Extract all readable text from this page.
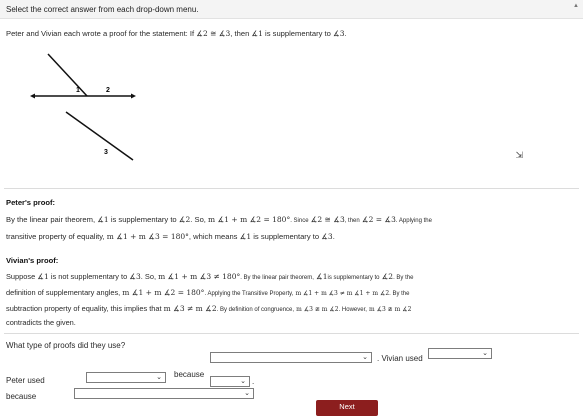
Select the correct answer from each drop-down menu.	▲
Peter and Vivian each wrote a proof for the statement: If ∡2 ≅ ∡3, then ∡1 is supplementary to ∡3.
1	2
3	⇲
Peter's proof:
By the linear pair theorem, ∡1 is supplementary to ∡2. So, m ∡1 + m ∡2 = 180°. Since ∡2 ≅ ∡3, then ∡2 = ∡3. Applying the
transitive property of equality, m ∡1 + m ∡3 = 180°, which means ∡1 is supplementary to ∡3.
Vivian's proof:
Suppose ∡1 is not supplementary to ∡3. So, m ∡1 + m ∡3 ≠ 180°. By the linear pair theorem, ∡1is supplementary to ∡2. By the
definition of supplementary angles, m ∡1 + m ∡2 = 180°. Applying the Transitive Property, m ∡1 + m ∡3 ≠ m ∡1 + m ∡2. By the
subtraction property of equality, this implies that m ∡3 ≠ m ∡2. By definition of congruence, m ∡3 ≇ m ∡2. However, m ∡3 ≇ m ∡2
contradicts the given.
What type of proofs did they use?
Peter used	⌄ because
⌄
⌄ .
. Vivian used
⌄
because	⌄
Next
